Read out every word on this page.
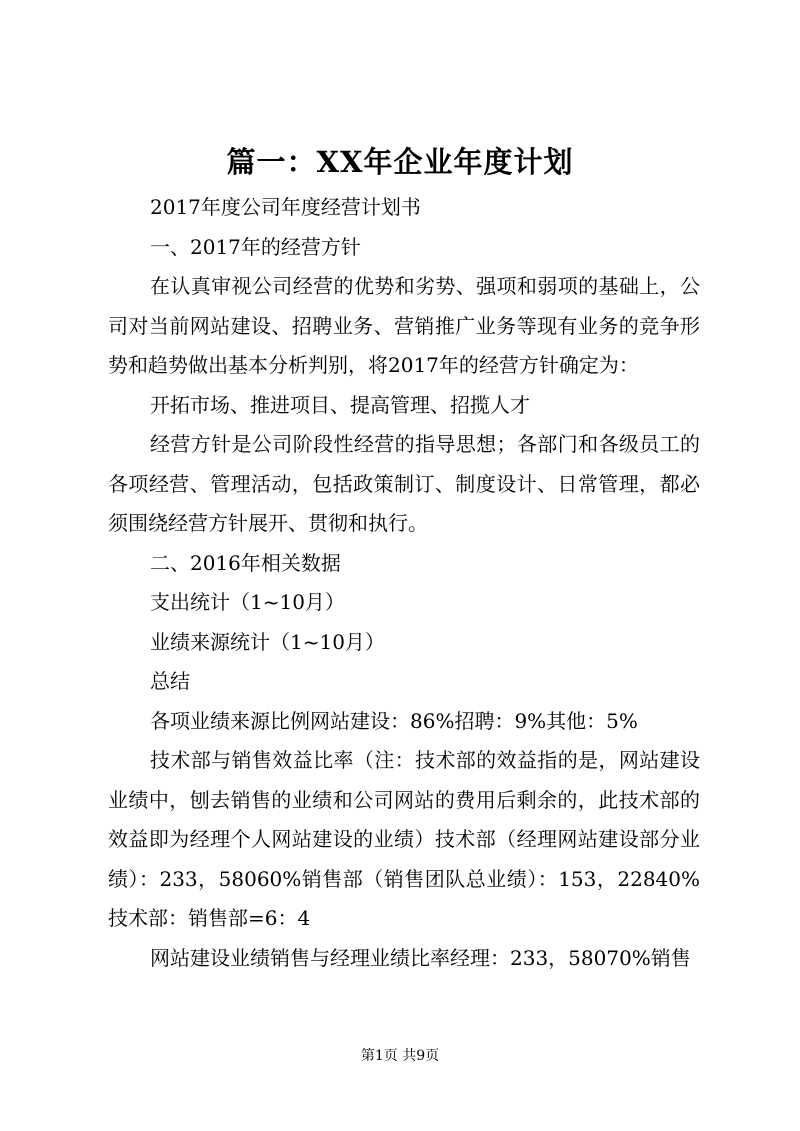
篇一：XX年企业年度计划

2017年度公司年度经营计划书

一、2017年的经营方针

在认真审视公司经营的优势和劣势、强项和弱项的基础上，公司对当前网站建设、招聘业务、营销推广业务等现有业务的竞争形势和趋势做出基本分析判别，将2017年的经营方针确定为：

开拓市场、推进项目、提高管理、招揽人才

经营方针是公司阶段性经营的指导思想；各部门和各级员工的各项经营、管理活动，包括政策制订、制度设计、日常管理，都必须围绕经营方针展开、贯彻和执行。

二、2016年相关数据

支出统计（1~10月）

业绩来源统计（1~10月）

总结

各项业绩来源比例网站建设：86%招聘：9%其他：5%

技术部与销售效益比率（注：技术部的效益指的是，网站建设业绩中，刨去销售的业绩和公司网站的费用后剩余的，此技术部的效益即为经理个人网站建设的业绩）技术部（经理网站建设部分业绩）：233，58060%销售部（销售团队总业绩）：153，22840%技术部：销售部=6：4

网站建设业绩销售与经理业绩比率经理：233，58070%销售

第1页 共9页
